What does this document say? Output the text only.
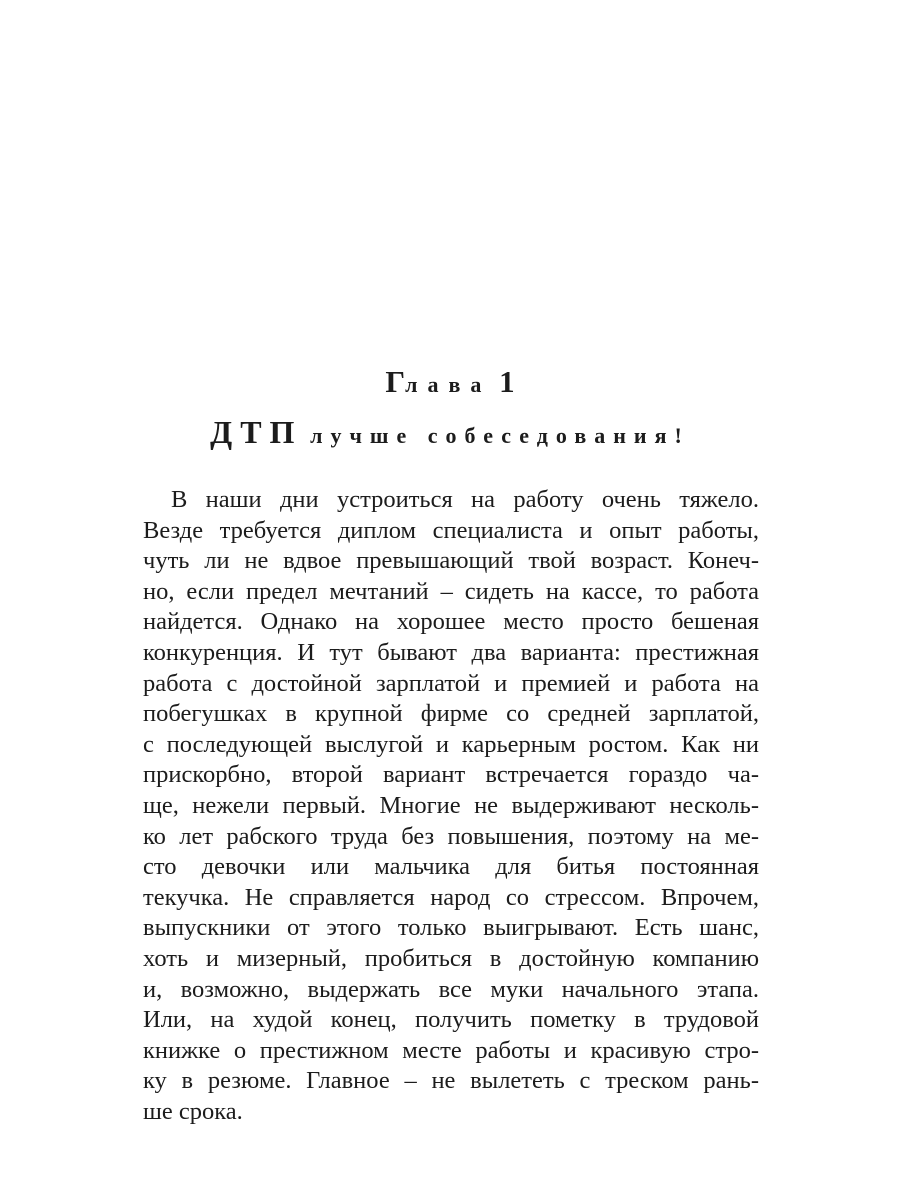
Глава 1
ДТП лучше собеседования!
В наши дни устроиться на работу очень тяжело.
Везде требуется диплом специалиста и опыт работы,
чуть ли не вдвое превышающий твой возраст. Конеч-
но, если предел мечтаний – сидеть на кассе, то работа
найдется. Однако на хорошее место просто бешеная
конкуренция. И тут бывают два варианта: престижная
работа с достойной зарплатой и премией и работа на
побегушках в крупной фирме со средней зарплатой,
с последующей выслугой и карьерным ростом. Как ни
прискорбно, второй вариант встречается гораздо ча-
ще, нежели первый. Многие не выдерживают несколь-
ко лет рабского труда без повышения, поэтому на ме-
сто девочки или мальчика для битья постоянная
текучка. Не справляется народ со стрессом. Впрочем,
выпускники от этого только выигрывают. Есть шанс,
хоть и мизерный, пробиться в достойную компанию
и, возможно, выдержать все муки начального этапа.
Или, на худой конец, получить пометку в трудовой
книжке о престижном месте работы и красивую стро-
ку в резюме. Главное – не вылететь с треском рань-
ше срока.
